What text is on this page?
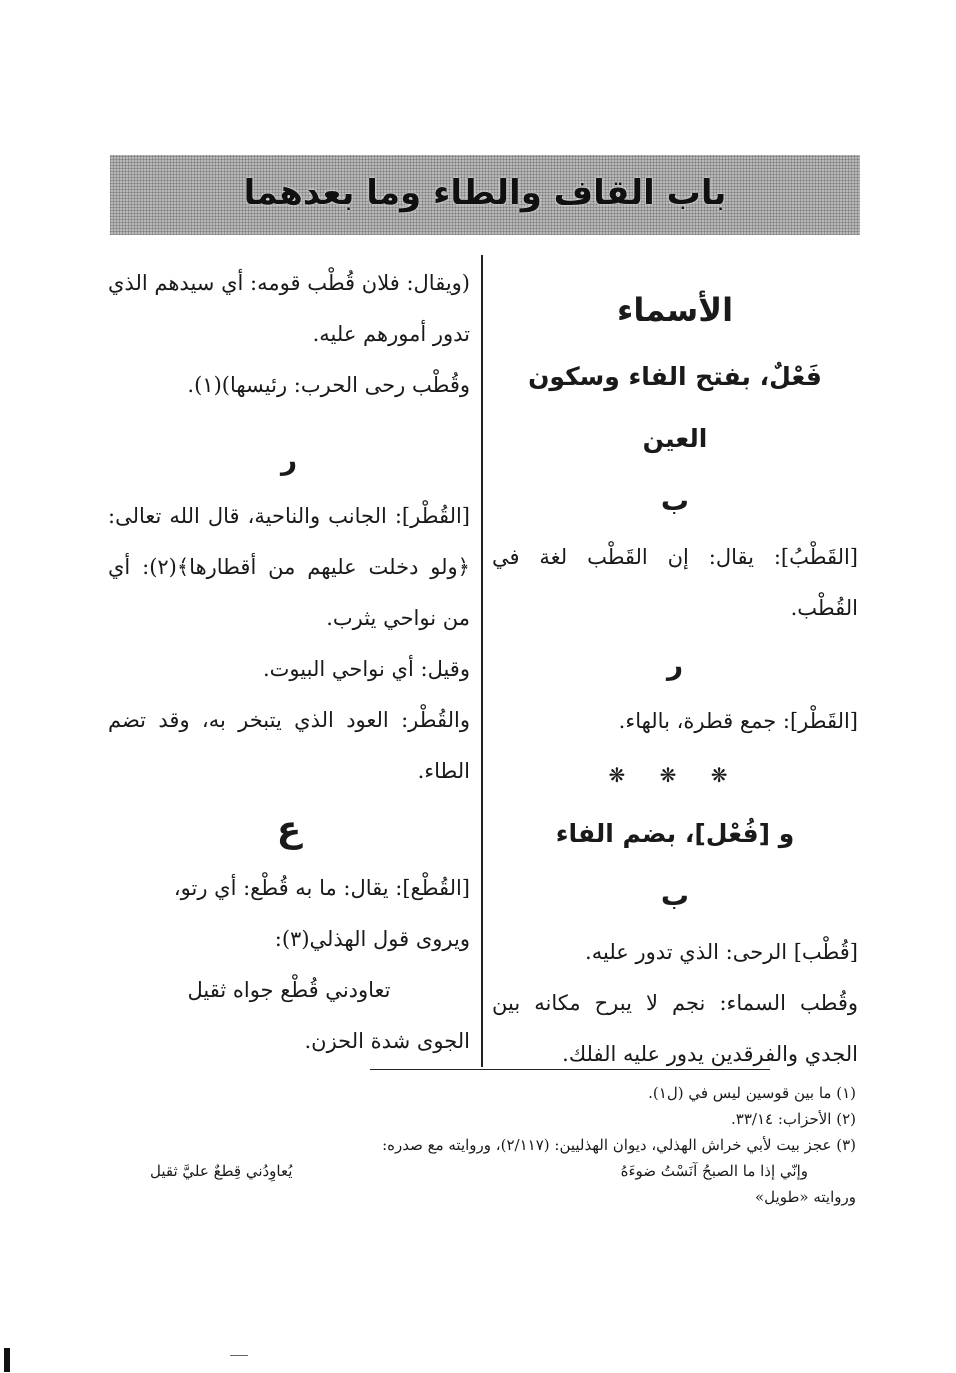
باب القاف والطاء وما بعدهما
الأسماء
فَعْلٌ، بفتح الفاء وسكون العين
ب

[القَطْبُ]: يقال: إن القَطْب لغة في القُطْب.

ر

[القَطْر]: جمع قطرة، بالهاء.

❋ ❋ ❋
و [فُعْل]، بضم الفاء
ب

[قُطْب] الرحى: الذي تدور عليه.

وقُطب السماء: نجم لا يبرح مكانه بين الجدي والفرقدين يدور عليه الفلك.

(ويقال: فلان قُطْب قومه: أي سيدهم الذي تدور أمورهم عليه.

وقُطْب رحى الحرب: رئيسها)(١).

ر

[القُطْر]: الجانب والناحية، قال الله تعالى: ﴿ولو دخلت عليهم من أقطارها﴾(٢): أي من نواحي يثرب.

وقيل: أي نواحي البيوت.

والقُطْر: العود الذي يتبخر به، وقد تضم الطاء.

ع

[القُطْع]: يقال: ما به قُطْع: أي رتو،

ويروى قول الهذلي(٣):

تعاودني قُطْع جواه ثقيل

الجوى شدة الحزن.

(١) ما بين قوسين ليس في (ل١).

(٢) الأحزاب: ٣٣/١٤.

(٣) عجز بيت لأبي خراش الهذلي، ديوان الهذليين: (٢/١١٧)، وروايته مع صدره:

وإنّي إذا ما الصبحُ آنَسْتُ ضوءَهُ
يُعاوِدُني قِطعٌ عليَّ ثقيل

وروايته «طويل»
